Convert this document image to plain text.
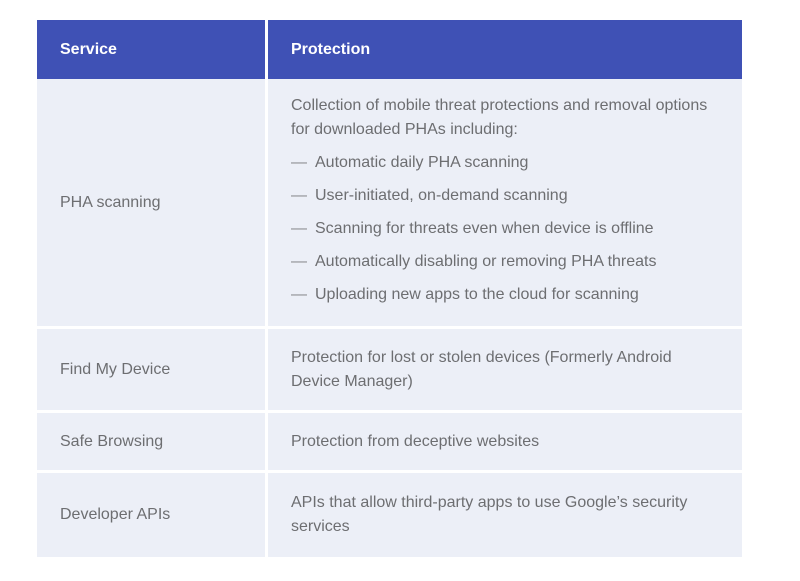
Service	Protection
PHA scanning
Collection of mobile threat protections and removal options for downloaded PHAs including:
— Automatic daily PHA scanning
— User-initiated, on-demand scanning
— Scanning for threats even when device is offline
— Automatically disabling or removing PHA threats
— Uploading new apps to the cloud for scanning
Find My Device
Protection for lost or stolen devices (Formerly Android Device Manager)
Safe Browsing	Protection from deceptive websites
Developer APIs
APIs that allow third-party apps to use Google’s security services
